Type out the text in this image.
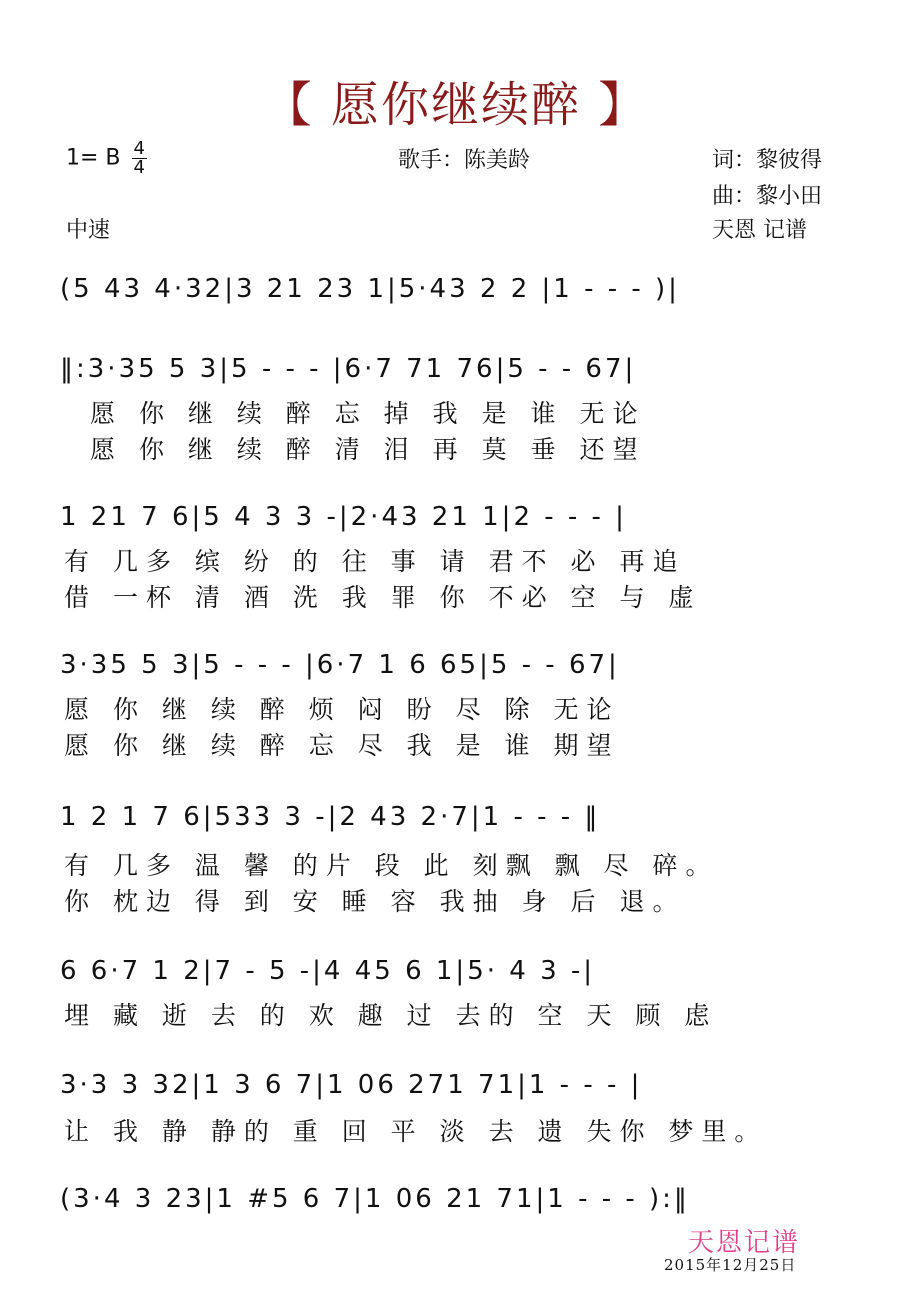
【 愿你继续醉 】
1= B $\frac{4}{4}$	歌手：陈美龄	词：黎彼得
曲：黎小田
中速	天恩 记谱
(5 43 4·32|3 21 23 1|5·43 2 2 |1 - - - )|
‖:3·35 5 3|5 - - - |6·7 71 76|5 - - 67|
愿 你 继 续 醉 忘 掉 我 是 谁 无论
愿 你 继 续 醉 清 泪 再 莫 垂 还望
1 21 7 6|5 4 3 3 -|2·43 21 1|2 - - - |
有 几多 缤 纷 的 往 事 请 君不 必 再追
借 一杯 清 酒 洗 我 罪 你 不必 空 与 虚
3·35 5 3|5 - - - |6·7 1 6 65|5 - - 67|
愿 你 继 续 醉 烦 闷 盼 尽 除 无论
愿 你 继 续 醉 忘 尽 我 是 谁 期望
1 2 1 7 6|533 3 -|2 43 2·7|1 - - - ‖
有 几多 温 馨 的片 段 此 刻飘 飘 尽 碎。
你 枕边 得 到 安 睡 容 我抽 身 后 退。
6 6·7 1 2|7 - 5 -|4 45 6 1|5· 4 3 -|
埋 藏 逝 去 的 欢 趣 过 去的 空 天 顾 虑
3·3 3 32|1 3 6 7|1 06 271 71|1 - - - |
让 我 静 静的 重 回 平 淡 去 遗 失你 梦里。
(3·4 3 23|1 #5 6 7|1 06 21 71|1 - - - ):‖
天恩记谱
2015年12月25日
